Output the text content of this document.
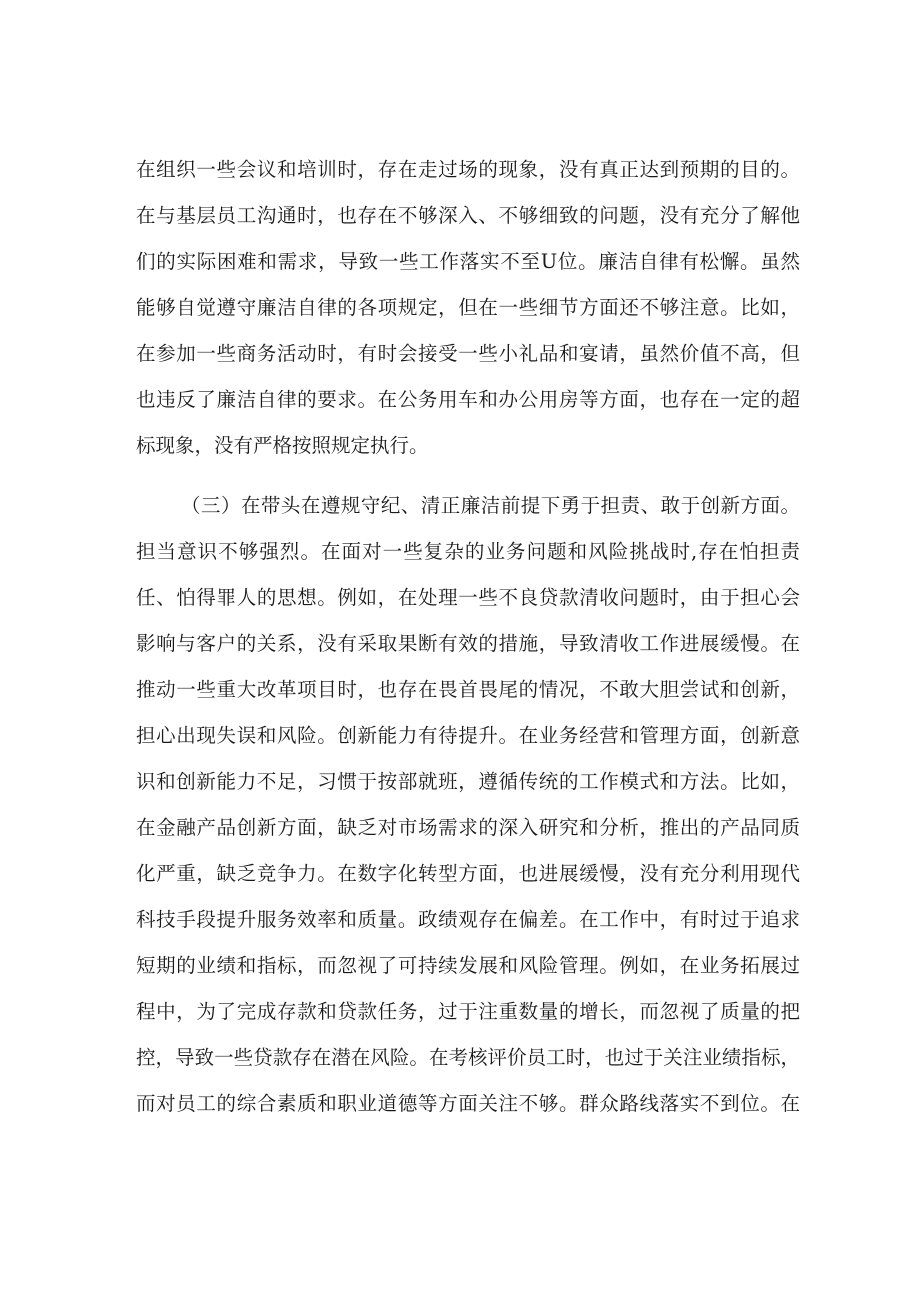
在组织一些会议和培训时，存在走过场的现象，没有真正达到预期的目的。
在与基层员工沟通时，也存在不够深入、不够细致的问题，没有充分了解他
们的实际困难和需求，导致一些工作落实不至U位。廉洁自律有松懈。虽然
能够自觉遵守廉洁自律的各项规定，但在一些细节方面还不够注意。比如，
在参加一些商务活动时，有时会接受一些小礼品和宴请，虽然价值不高，但
也违反了廉洁自律的要求。在公务用车和办公用房等方面，也存在一定的超
标现象，没有严格按照规定执行。
（三）在带头在遵规守纪、清正廉洁前提下勇于担责、敢于创新方面。
担当意识不够强烈。在面对一些复杂的业务问题和风险挑战时,存在怕担责
任、怕得罪人的思想。例如，在处理一些不良贷款清收问题时，由于担心会
影响与客户的关系，没有采取果断有效的措施，导致清收工作进展缓慢。在
推动一些重大改革项目时，也存在畏首畏尾的情况，不敢大胆尝试和创新，
担心出现失误和风险。创新能力有待提升。在业务经营和管理方面，创新意
识和创新能力不足，习惯于按部就班，遵循传统的工作模式和方法。比如，
在金融产品创新方面，缺乏对市场需求的深入研究和分析，推出的产品同质
化严重，缺乏竞争力。在数字化转型方面，也进展缓慢，没有充分利用现代
科技手段提升服务效率和质量。政绩观存在偏差。在工作中，有时过于追求
短期的业绩和指标，而忽视了可持续发展和风险管理。例如，在业务拓展过
程中，为了完成存款和贷款任务，过于注重数量的增长，而忽视了质量的把
控，导致一些贷款存在潜在风险。在考核评价员工时，也过于关注业绩指标，
而对员工的综合素质和职业道德等方面关注不够。群众路线落实不到位。在
